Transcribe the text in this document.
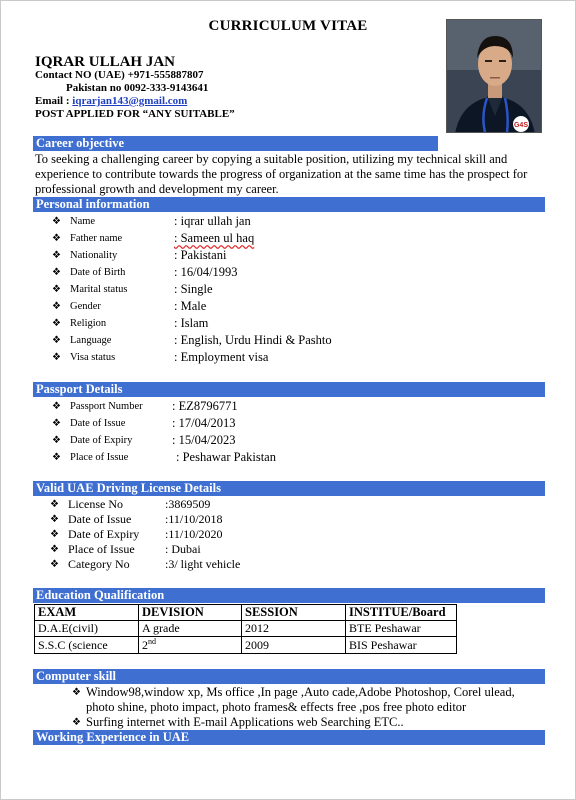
CURRICULUM VITAE
IQRAR ULLAH JAN
Contact NO (UAE) +971-555887807
Pakistan no 0092-333-9143641
Email : iqrarjan143@gmail.com
POST APPLIED FOR “ANY SUITABLE”
G4S
Career objective
To seeking a challenging career by copying a suitable position, utilizing my technical skill and experience to contribute towards the progress of organization at the same time has the prospect for professional growth and development my career.
Personal information
❖ Name	: iqrar ullah jan
❖ Father name	: Sameen ul haq
❖ Nationality	: Pakistani
❖ Date of Birth	: 16/04/1993
❖ Marital status	: Single
❖ Gender	: Male
❖ Religion	: Islam
❖ Language	: English, Urdu Hindi & Pashto
❖ Visa status	: Employment visa
Passport Details
❖ Passport Number : EZ8796771
❖ Date of Issue	: 17/04/2013
❖ Date of Expiry	: 15/04/2023
❖ Place of Issue	: Peshawar Pakistan
Valid UAE Driving License Details
❖ License No	:3869509
❖ Date of Issue	:11/10/2018
❖ Date of Expiry :11/10/2020
❖ Place of Issue	: Dubai
❖ Category No	:3/ light vehicle
Education Qualification
EXAM	DEVISION	SESSION	INSTITUE/Board
D.A.E(civil)	A grade	2012	BTE Peshawar
S.S.C (science	2nd	2009	BIS Peshawar
Computer skill
❖ Window98,window xp, Ms office ,In page ,Auto cade,Adobe Photoshop, Corel ulead, photo shine, photo impact, photo frames& effects free ,pos free photo editor
❖ Surfing internet with E-mail Applications web Searching ETC..
Working Experience in UAE
